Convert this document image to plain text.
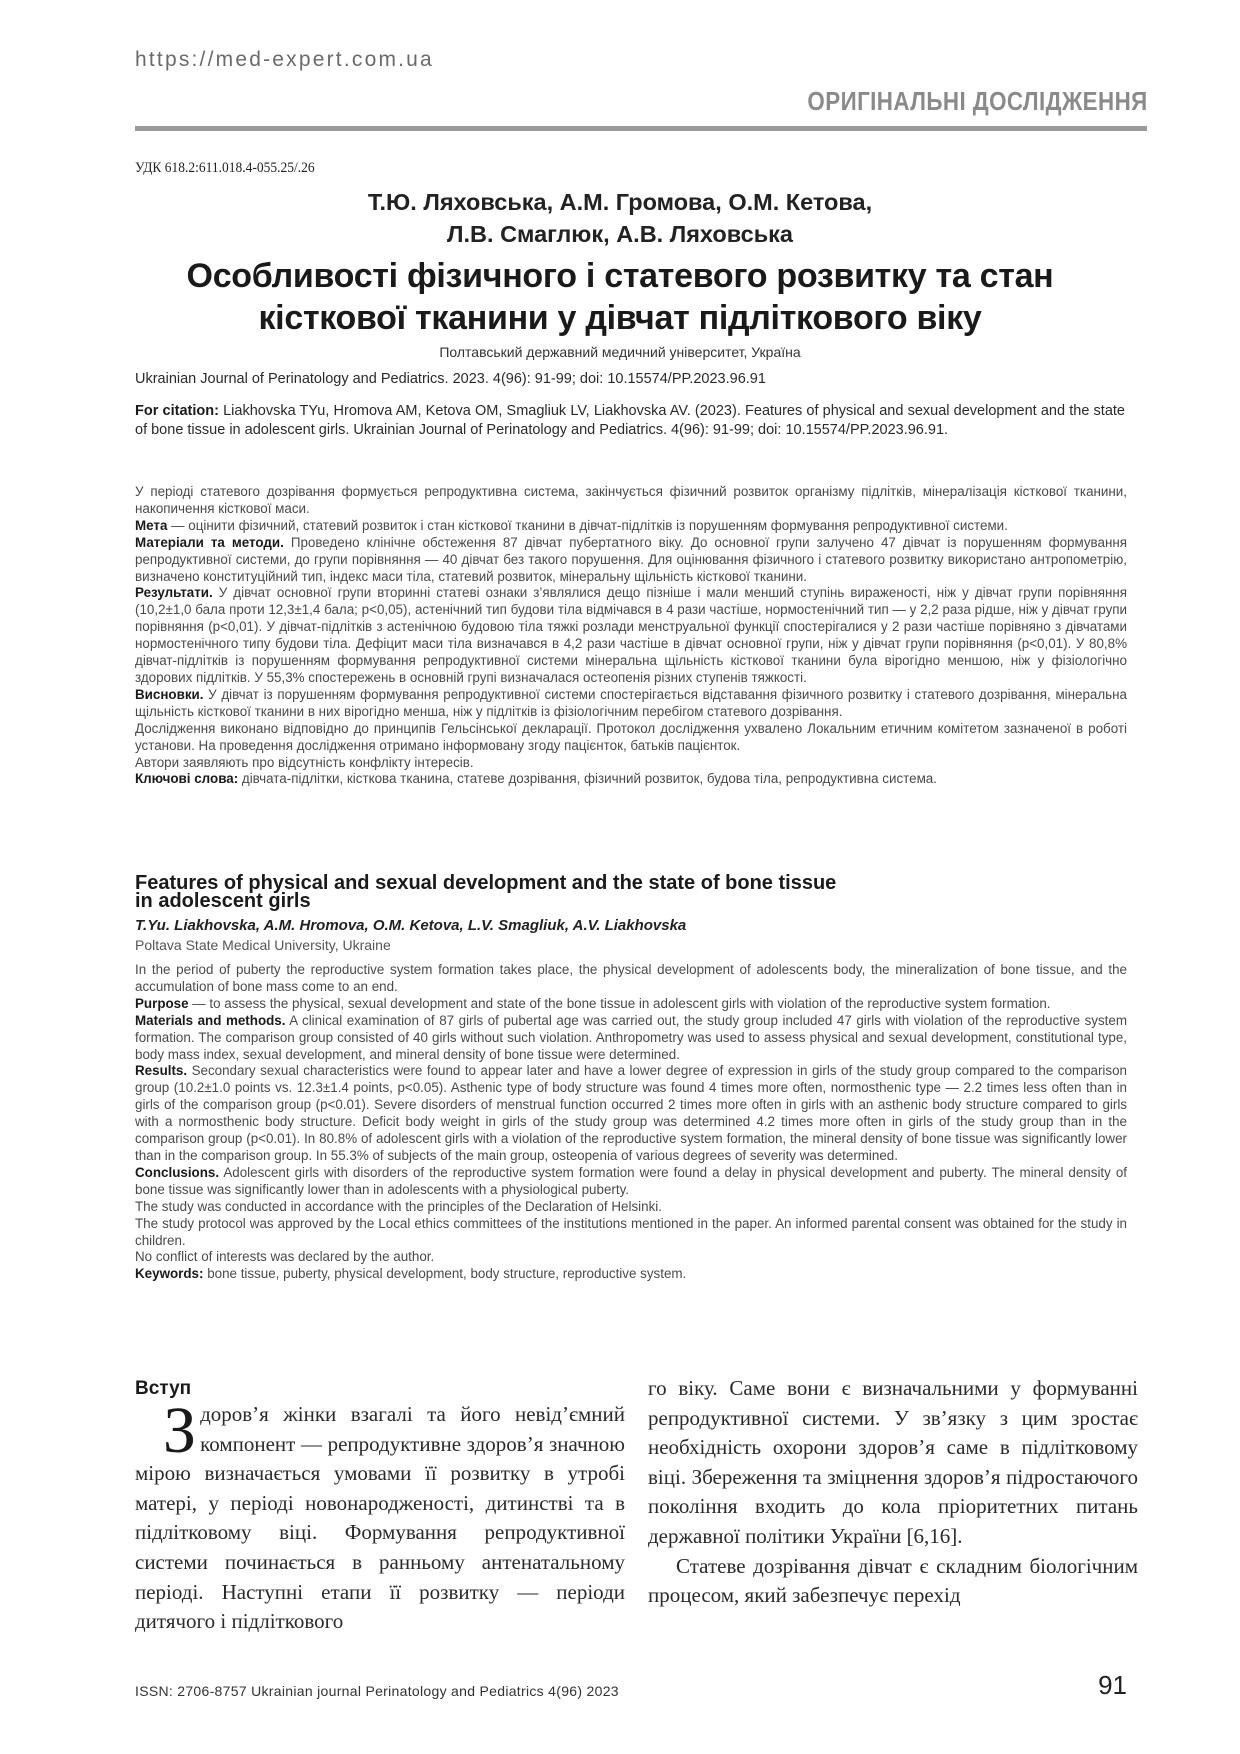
https://med-expert.com.ua
ОРИГІНАЛЬНІ ДОСЛІДЖЕННЯ
УДК 618.2:611.018.4-055.25/.26
Т.Ю. Ляховська, А.М. Громова, О.М. Кетова,
Л.В. Смаглюк, А.В. Ляховська
Особливості фізичного і статевого розвитку та стан
кісткової тканини у дівчат підліткового віку
Полтавський державний медичний університет, Україна
Ukrainian Journal of Perinatology and Pediatrics. 2023. 4(96): 91-99; doi: 10.15574/PP.2023.96.91
For citation: Liakhovska TYu, Hromova AM, Ketova OM, Smagliuk LV, Liakhovska AV. (2023). Features of physical and sexual development and the state of bone tissue in adolescent girls. Ukrainian Journal of Perinatology and Pediatrics. 4(96): 91-99; doi: 10.15574/PP.2023.96.91.

У періоді статевого дозрівання формується репродуктивна система, закінчується фізичний розвиток організму підлітків, мінералізація кісткової тканини, накопичення кісткової маси.

Мета — оцінити фізичний, статевий розвиток і стан кісткової тканини в дівчат-підлітків із порушенням формування репродуктивної системи.

Матеріали та методи. Проведено клінічне обстеження 87 дівчат пубертатного віку. До основної групи залучено 47 дівчат із порушенням формування репродуктивної системи, до групи порівняння — 40 дівчат без такого порушення. Для оцінювання фізичного і статевого розвитку використано антропометрію, визначено конституційний тип, індекс маси тіла, статевий розвиток, мінеральну щільність кісткової тканини.

Результати. У дівчат основної групи вторинні статеві ознаки з’являлися дещо пізніше і мали менший ступінь вираженості, ніж у дівчат групи порівняння (10,2±1,0 бала проти 12,3±1,4 бала; p<0,05), астенічний тип будови тіла відмічався в 4 рази частіше, нормостенічний тип — у 2,2 раза рідше, ніж у дівчат групи порівняння (p<0,01). У дівчат-підлітків з астенічною будовою тіла тяжкі розлади менструальної функції спостерігалися у 2 рази частіше порівняно з дівчатами нормостенічного типу будови тіла. Дефіцит маси тіла визначався в 4,2 рази частіше в дівчат основної групи, ніж у дівчат групи порівняння (p<0,01). У 80,8% дівчат-підлітків із порушенням формування репродуктивної системи мінеральна щільність кісткової тканини була вірогідно меншою, ніж у фізіологічно здорових підлітків. У 55,3% спостережень в основній групі визначалася остеопенія різних ступенів тяжкості.

Висновки. У дівчат із порушенням формування репродуктивної системи спостерігається відставання фізичного розвитку і статевого дозрівання, мінеральна щільність кісткової тканини в них вірогідно менша, ніж у підлітків із фізіологічним перебігом статевого дозрівання.

Дослідження виконано відповідно до принципів Гельсінської декларації. Протокол дослідження ухвалено Локальним етичним комітетом зазначеної в роботі установи. На проведення дослідження отримано інформовану згоду пацієнток, батьків пацієнток.

Автори заявляють про відсутність конфлікту інтересів.

Ключові слова: дівчата-підлітки, кісткова тканина, статеве дозрівання, фізичний розвиток, будова тіла, репродуктивна система.

Features of physical and sexual development and the state of bone tissue
in adolescent girls
T.Yu. Liakhovska, A.M. Hromova, O.M. Ketova, L.V. Smagliuk, A.V. Liakhovska
Poltava State Medical University, Ukraine

In the period of puberty the reproductive system formation takes place, the physical development of adolescents body, the mineralization of bone tissue, and the accumulation of bone mass come to an end.

Purpose — to assess the physical, sexual development and state of the bone tissue in adolescent girls with violation of the reproductive system formation.

Materials and methods. A clinical examination of 87 girls of pubertal age was carried out, the study group included 47 girls with violation of the reproductive system formation. The comparison group consisted of 40 girls without such violation. Anthropometry was used to assess physical and sexual development, constitutional type, body mass index, sexual development, and mineral density of bone tissue were determined.

Results. Secondary sexual characteristics were found to appear later and have a lower degree of expression in girls of the study group compared to the comparison group (10.2±1.0 points vs. 12.3±1.4 points, p<0.05). Asthenic type of body structure was found 4 times more often, normosthenic type — 2.2 times less often than in girls of the comparison group (p<0.01). Severe disorders of menstrual function occurred 2 times more often in girls with an asthenic body structure compared to girls with a normosthenic body structure. Deficit body weight in girls of the study group was determined 4.2 times more often in girls of the study group than in the comparison group (p<0.01). In 80.8% of adolescent girls with a violation of the reproductive system formation, the mineral density of bone tissue was significantly lower than in the comparison group. In 55.3% of subjects of the main group, osteopenia of various degrees of severity was determined.

Conclusions. Adolescent girls with disorders of the reproductive system formation were found a delay in physical development and puberty. The mineral density of bone tissue was significantly lower than in adolescents with a physiological puberty.

The study was conducted in accordance with the principles of the Declaration of Helsinki.

The study protocol was approved by the Local ethics committees of the institutions mentioned in the paper. An informed parental consent was obtained for the study in children.

No conflict of interests was declared by the author.

Keywords: bone tissue, puberty, physical development, body structure, reproductive system.

Вступ

Здоров’я жінки взагалі та його невід’ємний компонент — репродуктивне здоров’я значною мірою визначається умовами її розвитку в утробі матері, у періоді новонародженості, дитинстві та в підлітковому віці. Формування репродуктивної системи починається в ранньому антенатальному періоді. Наступні етапи її розвитку — періоди дитячого і підліткового

го віку. Саме вони є визначальними у формуванні репродуктивної системи. У зв’язку з цим зростає необхідність охорони здоров’я саме в підлітковому віці. Збереження та зміцнення здоров’я підростаючого покоління входить до кола пріоритетних питань державної політики України [6,16].

Статеве дозрівання дівчат є складним біологічним процесом, який забезпечує перехід

ISSN: 2706-8757 Ukrainian journal Perinatology and Pediatrics 4(96) 2023	91
